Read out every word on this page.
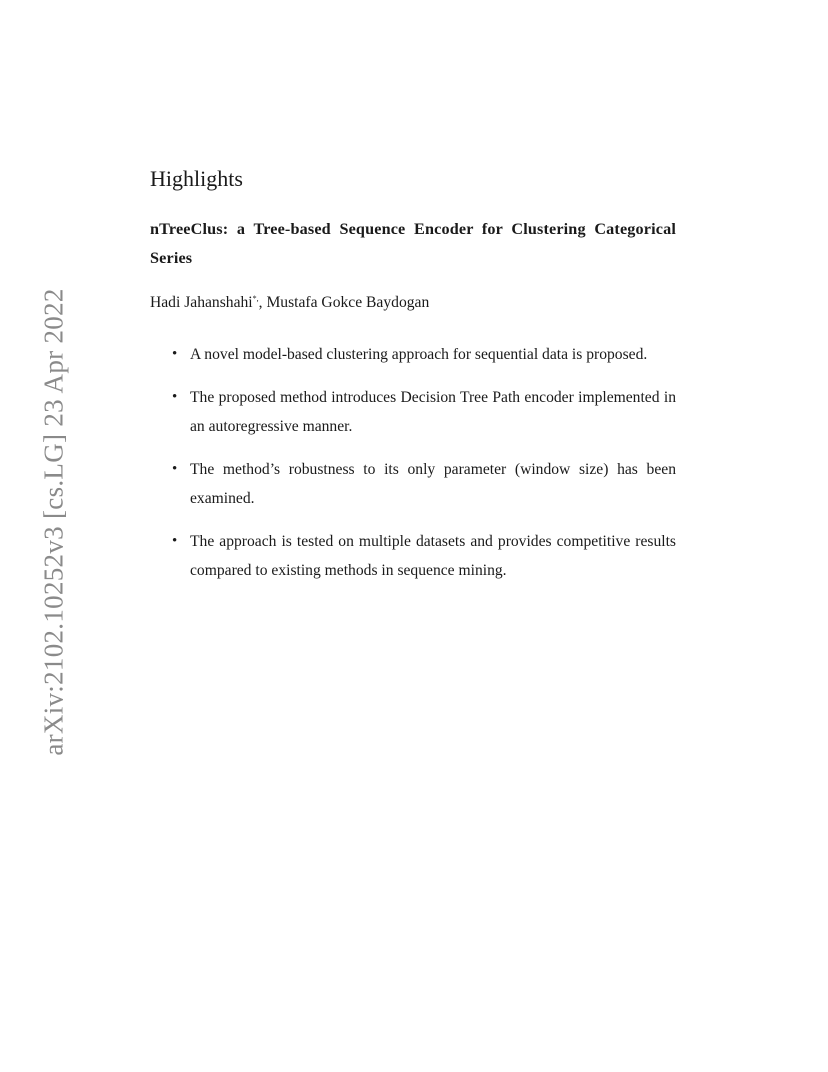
arXiv:2102.10252v3 [cs.LG] 23 Apr 2022
Highlights
nTreeClus: a Tree-based Sequence Encoder for Clustering Categorical Series
Hadi Jahanshahi*,, Mustafa Gokce Baydogan
• A novel model-based clustering approach for sequential data is proposed.
• The proposed method introduces Decision Tree Path encoder implemented in an autoregressive manner.
• The method’s robustness to its only parameter (window size) has been examined.
• The approach is tested on multiple datasets and provides competitive results compared to existing methods in sequence mining.
